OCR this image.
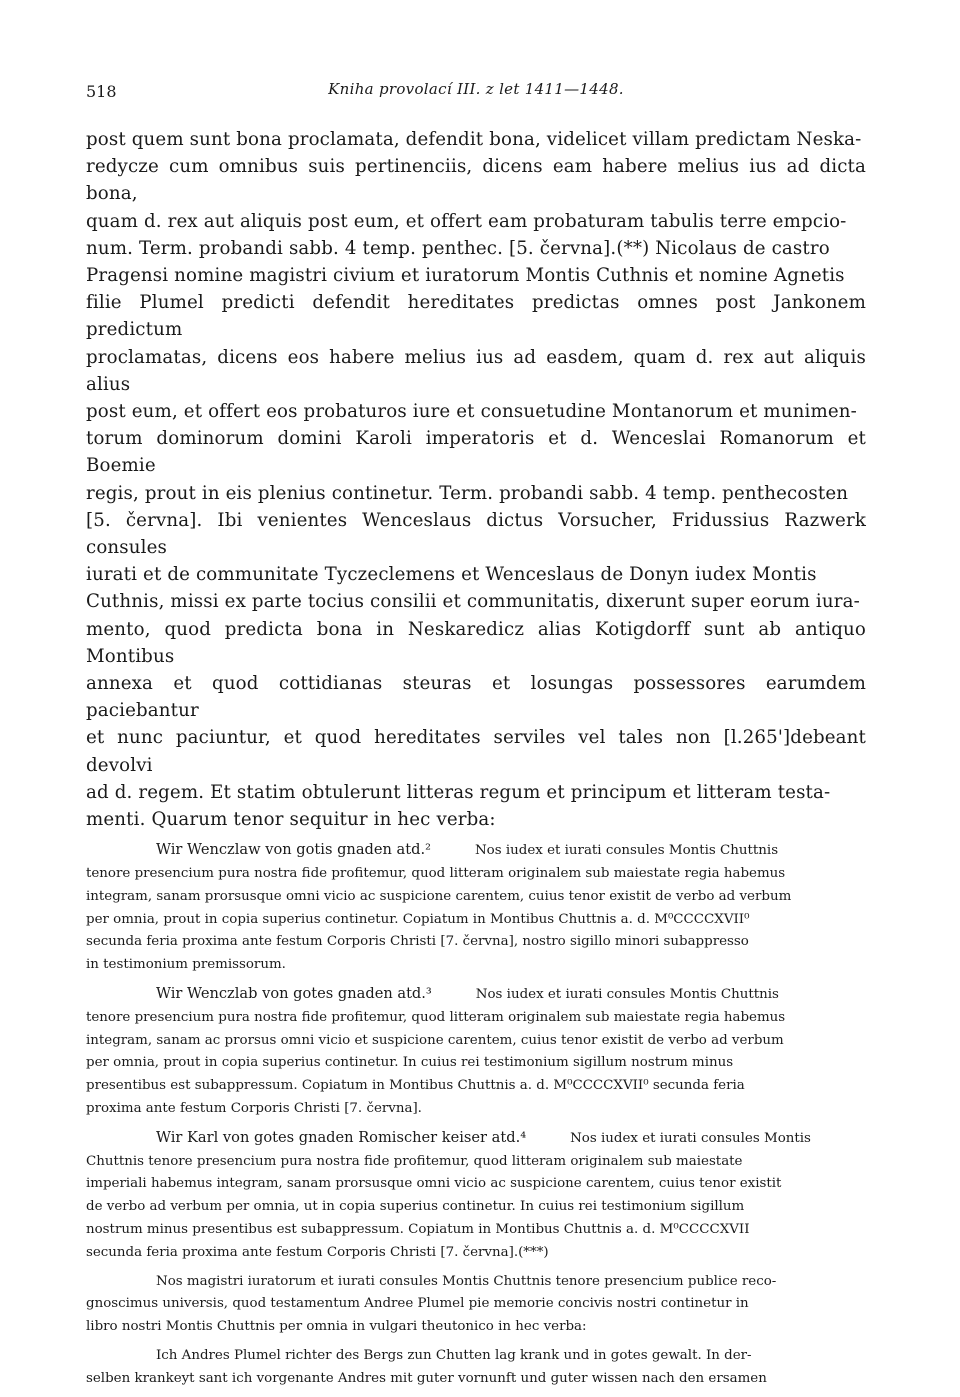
518	Kniha provolací III. z let 1411—1448.

post quem sunt bona proclamata, defendit bona, videlicet villam predictam Neska-
redycze cum omnibus suis pertinenciis, dicens eam habere melius ius ad dicta bona,
quam d. rex aut aliquis post eum, et offert eam probaturam tabulis terre empcio-
num. Term. probandi sabb. 4 temp. penthec. [5. června].(**) Nicolaus de castro
Pragensi nomine magistri civium et iuratorum Montis Cuthnis et nomine Agnetis
filie Plumel predicti defendit hereditates predictas omnes post Jankonem predictum
proclamatas, dicens eos habere melius ius ad easdem, quam d. rex aut aliquis alius
post eum, et offert eos probaturos iure et consuetudine Montanorum et munimen-
torum dominorum domini Karoli imperatoris et d. Wenceslai Romanorum et Boemie
regis, prout in eis plenius continetur. Term. probandi sabb. 4 temp. penthecosten
[5. června]. Ibi venientes Wenceslaus dictus Vorsucher, Fridussius Razwerk consules
iurati et de communitate Tyczeclemens et Wenceslaus de Donyn iudex Montis
Cuthnis, missi ex parte tocius consilii et communitatis, dixerunt super eorum iura-
mento, quod predicta bona in Neskaredicz alias Kotigdorff sunt ab antiquo Montibus
annexa et quod cottidianas steuras et losungas possessores earumdem paciebantur
et nunc paciuntur, et quod hereditates serviles vel tales non [l.265']debeant devolvi
ad d. regem. Et statim obtulerunt litteras regum et principum et litteram testa-
menti. Quarum tenor sequitur in hec verba:

Wir Wenczlaw von gotis gnaden atd.²	Nos iudex et iurati consules Montis Chuttnis
tenore presencium pura nostra fide profitemur, quod litteram originalem sub maiestate regia habemus
integram, sanam prorsusque omni vicio ac suspicione carentem, cuius tenor existit de verbo ad verbum
per omnia, prout in copia superius continetur. Copiatum in Montibus Chuttnis a. d. M⁰CCCCXVII⁰
secunda feria proxima ante festum Corporis Christi [7. června], nostro sigillo minori subappresso
in testimonium premissorum.

Wir Wenczlab von gotes gnaden atd.³	Nos iudex et iurati consules Montis Chuttnis
tenore presencium pura nostra fide profitemur, quod litteram originalem sub maiestate regia habemus
integram, sanam ac prorsus omni vicio et suspicione carentem, cuius tenor existit de verbo ad verbum
per omnia, prout in copia superius continetur. In cuius rei testimonium sigillum nostrum minus
presentibus est subappressum. Copiatum in Montibus Chuttnis a. d. M⁰CCCCXVII⁰ secunda feria
proxima ante festum Corporis Christi [7. června].

Wir Karl von gotes gnaden Romischer keiser atd.⁴	Nos iudex et iurati consules Montis
Chuttnis tenore presencium pura nostra fide profitemur, quod litteram originalem sub maiestate
imperiali habemus integram, sanam prorsusque omni vicio ac suspicione carentem, cuius tenor existit
de verbo ad verbum per omnia, ut in copia superius continetur. In cuius rei testimonium sigillum
nostrum minus presentibus est subappressum. Copiatum in Montibus Chuttnis a. d. M⁰CCCCXVII
secunda feria proxima ante festum Corporis Christi [7. června].(***)

Nos magistri iuratorum et iurati consules Montis Chuttnis tenore presencium publice reco-
gnoscimus universis, quod testamentum Andree Plumel pie memorie concivis nostri continetur in
libro nostri Montis Chuttnis per omnia in vulgari theutonico in hec verba:

Ich Andres Plumel richter des Bergs zun Chutten lag krank und in gotes gewalt. In der-
selben krankeyt sant ich vorgenante Andres mit guter vornunft und guter wissen nach den ersamen
